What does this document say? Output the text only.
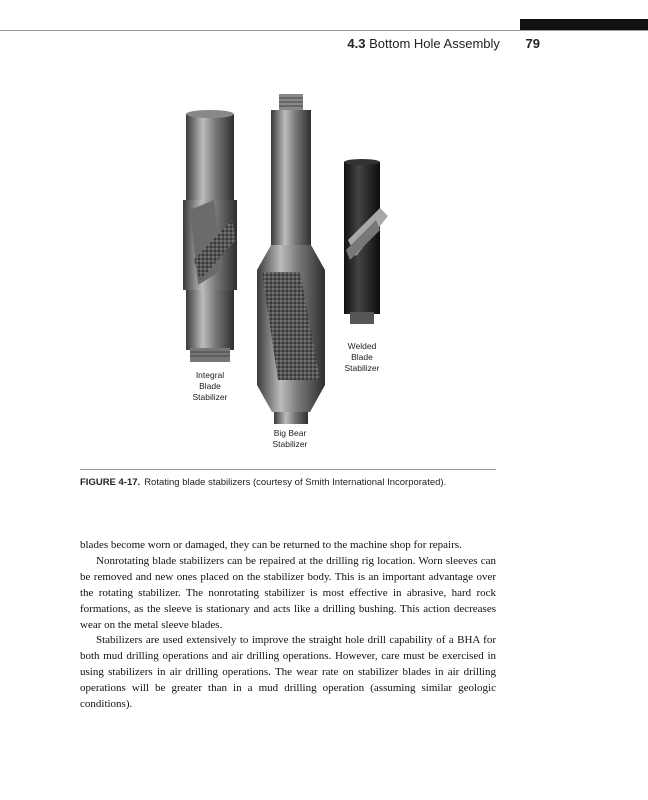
4.3 Bottom Hole Assembly 79
Integral
Blade
Stabilizer
Big Bear
Stabilizer
Welded
Blade
Stabilizer
FIGURE 4-17. Rotating blade stabilizers (courtesy of Smith International Incorporated).

blades become worn or damaged, they can be returned to the machine shop for repairs.

Nonrotating blade stabilizers can be repaired at the drilling rig location. Worn sleeves can be removed and new ones placed on the stabilizer body. This is an important advantage over the rotating stabilizer. The nonrotating stabilizer is most effective in abrasive, hard rock formations, as the sleeve is stationary and acts like a drilling bushing. This action decreases wear on the metal sleeve blades.

Stabilizers are used extensively to improve the straight hole drill capability of a BHA for both mud drilling operations and air drilling operations. However, care must be exercised in using stabilizers in air drilling operations. The wear rate on stabilizer blades in air drilling operations will be greater than in a mud drilling operation (assuming similar geologic conditions).
